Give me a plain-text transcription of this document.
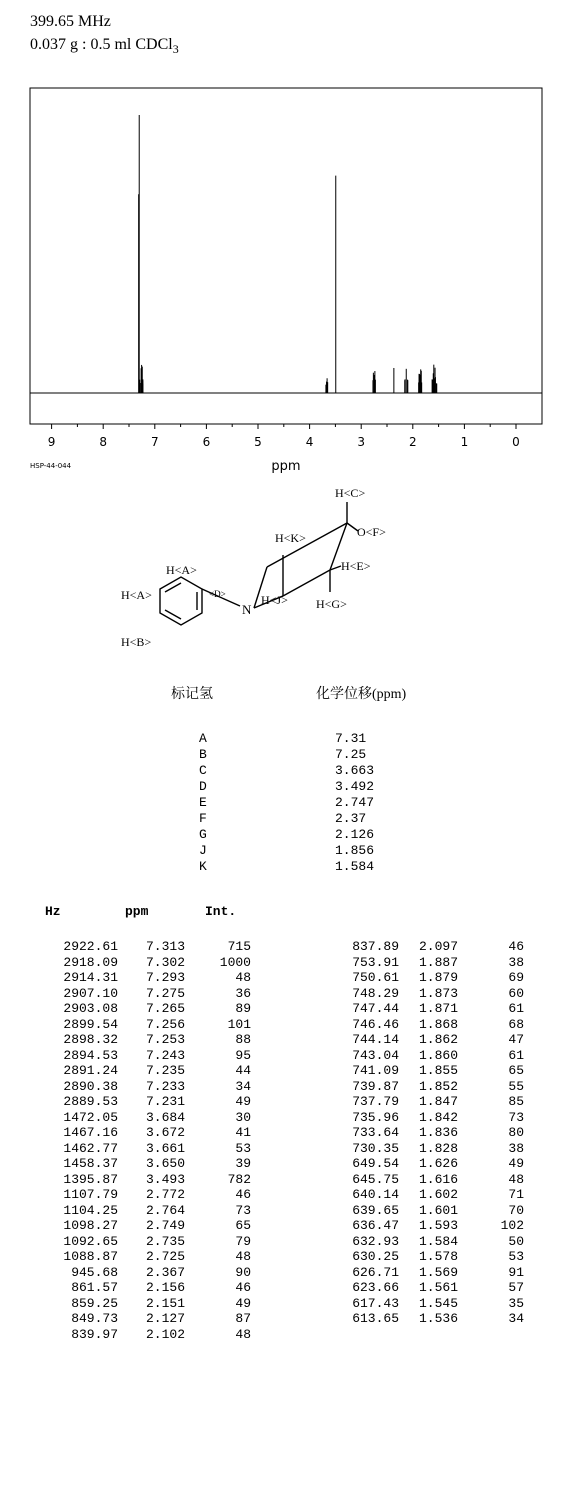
399.65 MHz
0.037 g : 0.5 ml CDCl$_3$
9	8	7	6	5	4	3	2	1	0
ppm
HSP-44-044
H<A>
H<A>
H<B>
<D>
N
H<K>
H<J>
H<C>
O<F>
H<E>
H<G>
标记氢	化学位移(ppm)
A	7.31
B	7.25
C	3.663
D	3.492
E	2.747
F	2.37
G	2.126
J	1.856
K	1.584
Hz	ppm	Int.
2922.61 7.313	715
2918.09 7.302	1000
2914.31 7.293	48
2907.10 7.275	36
2903.08 7.265	89
2899.54 7.256	101
2898.32 7.253	88
2894.53 7.243	95
2891.24 7.235	44
2890.38 7.233	34
2889.53 7.231	49
1472.05 3.684	30
1467.16 3.672	41
1462.77 3.661	53
1458.37 3.650	39
1395.87 3.493	782
1107.79 2.772	46
1104.25 2.764	73
1098.27 2.749	65
1092.65 2.735	79
1088.87 2.725	48
945.68 2.367	90
861.57 2.156	46
859.25 2.151	49
849.73 2.127	87
839.97 2.102	48
837.89 2.097	46
753.91 1.887	38
750.61 1.879	69
748.29 1.873	60
747.44 1.871	61
746.46 1.868	68
744.14 1.862	47
743.04 1.860	61
741.09 1.855	65
739.87 1.852	55
737.79 1.847	85
735.96 1.842	73
733.64 1.836	80
730.35 1.828	38
649.54 1.626	49
645.75 1.616	48
640.14 1.602	71
639.65 1.601	70
636.47 1.593	102
632.93 1.584	50
630.25 1.578	53
626.71 1.569	91
623.66 1.561	57
617.43 1.545	35
613.65 1.536	34
